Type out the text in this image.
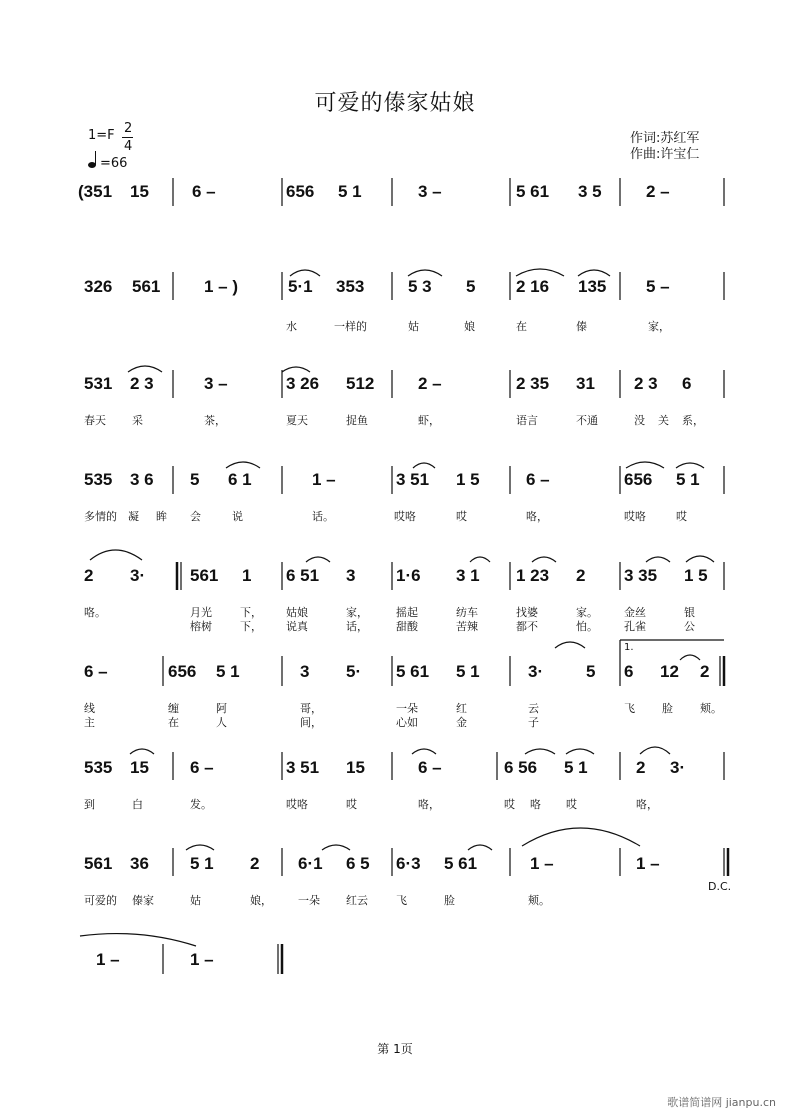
可爱的傣家姑娘
1=F 2
4
=66
作词:苏红军
作曲:许宝仁
(351 15	6 –	656 5 1	3 –	5 61 3 5	2 –
326 561	1 – )	5·1 353	5 3 5 2 16 135 5 –
水	一样的	姑	娘	在	傣	家，
531 2 3	3 –	3 26 512	2 –	2 35 31 2 3 6
春天 采	茶，	夏天	捉鱼	虾，	语言	不通	没 关 系，
535 3 6 5 6 1	1 –	3 51 1 5	6 –	656 5 1
多情的 凝 眸 会	说	话。	哎咯	哎	咯，	哎咯	哎
2 3·	561 1 6 51 3 1·6 3 1 1 23 2 3 35 1 5
咯。	月光	下， 姑娘	家，	摇起	纺车	找婆	家。 金丝	银
榕树	下， 说真	话，	甜酸	苦辣	都不	怕。 孔雀	公
1.
6 –	656 5 1	3 5· 5 61 5 1	3·	5 6 12 2
线	缠	阿	哥，	一朵	红	云	飞 脸 颊。
主	在	人	间，	心如	金	子
535 15 6 –	3 51 15	6 –	6 56 5 1	2 3·
到	白	发。	哎咯	哎	咯，	哎 咯 哎	咯，
561 36 5 1 2 6·1 6 5 6·3 5 61	1 –	1 –
D.C.
可爱的 傣家	姑	娘， 一朵 红云	飞	脸	颊。
1 –	1 –
第 1页
歌谱简谱网 jianpu.cn
